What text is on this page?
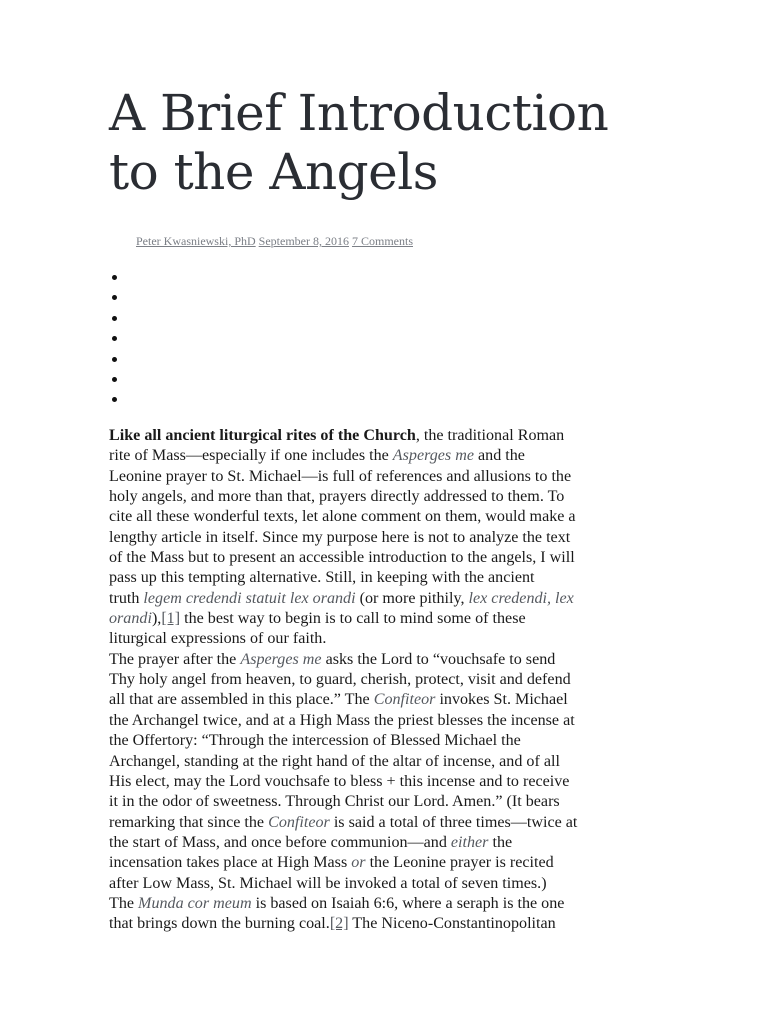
A Brief Introduction
to the Angels
Peter Kwasniewski, PhD September 8, 2016 7 Comments

Like all ancient liturgical rites of the Church, the traditional Roman
rite of Mass—especially if one includes the Asperges me and the
Leonine prayer to St. Michael—is full of references and allusions to the
holy angels, and more than that, prayers directly addressed to them. To
cite all these wonderful texts, let alone comment on them, would make a
lengthy article in itself. Since my purpose here is not to analyze the text
of the Mass but to present an accessible introduction to the angels, I will
pass up this tempting alternative. Still, in keeping with the ancient
truth legem credendi statuit lex orandi (or more pithily, lex credendi, lex
orandi),[1] the best way to begin is to call to mind some of these
liturgical expressions of our faith.

The prayer after the Asperges me asks the Lord to “vouchsafe to send
Thy holy angel from heaven, to guard, cherish, protect, visit and defend
all that are assembled in this place.” The Confiteor invokes St. Michael
the Archangel twice, and at a High Mass the priest blesses the incense at
the Offertory: “Through the intercession of Blessed Michael the
Archangel, standing at the right hand of the altar of incense, and of all
His elect, may the Lord vouchsafe to bless + this incense and to receive
it in the odor of sweetness. Through Christ our Lord. Amen.” (It bears
remarking that since the Confiteor is said a total of three times—twice at
the start of Mass, and once before communion—and either the
incensation takes place at High Mass or the Leonine prayer is recited
after Low Mass, St. Michael will be invoked a total of seven times.)

The Munda cor meum is based on Isaiah 6:6, where a seraph is the one
that brings down the burning coal.[2] The Niceno-Constantinopolitan
